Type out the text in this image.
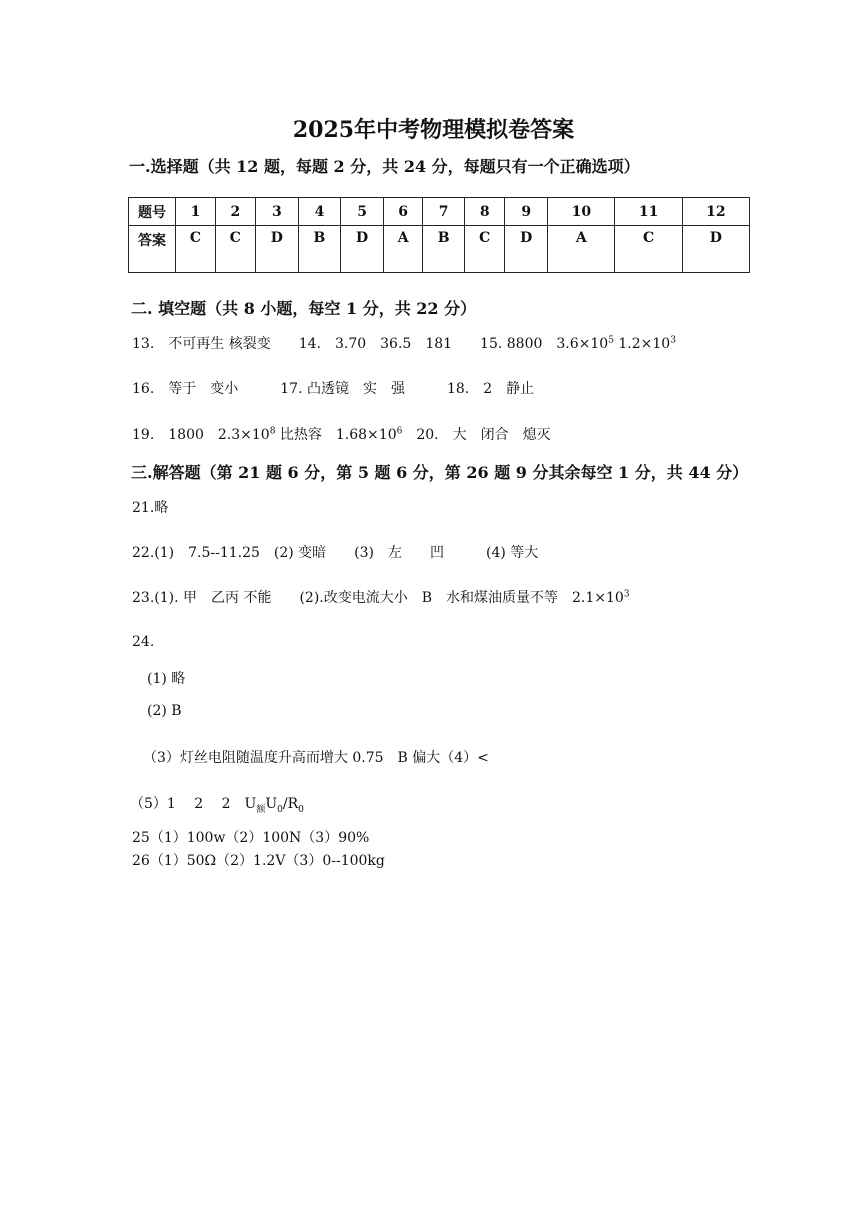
2025年中考物理模拟卷答案
一.选择题（共 12 题，每题 2 分，共 24 分，每题只有一个正确选项）
题号	1	2	3	4	5	6	7	8	9	10	11	12
答案	C	C	D	B	D	A	B	C	D	A	C	D
二. 填空题（共 8 小题，每空 1 分，共 22 分）
13.　不可再生 核裂变　　14.　3.70　36.5　181　　15. 8800　$3.6\times 10^5$ $1.2\times 10^3$
16.　等于　变小　　　17. 凸透镜　实　强　　　18.　2　静止
19.　1800　$2.3\times 10^8$ 比热容　$1.68\times 10^6$　20.　大　闭合　熄灭
三.解答题（第 21 题 6 分，第 5 题 6 分，第 26 题 9 分其余每空 1 分，共 44 分）
21.略
22.(1)　7.5--11.25　(2) 变暗　　(3)　左　　凹　　　(4) 等大
23.(1). 甲　乙丙 不能　　(2).改变电流大小　B　水和煤油质量不等　$2.1\times 10^3$
24.
(1) 略
(2) B
（3）灯丝电阻随温度升高而增大 0.75　B 偏大（4）<
（5）1　 2　 2　$U_额U_0/R_0$
25（1）100w（2）100N（3）90%
26（1）50Ω（2）1.2V（3）0--100kg
